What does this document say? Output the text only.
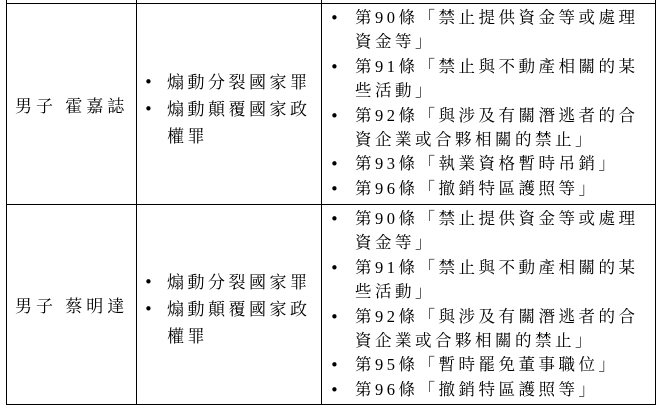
男子 霍嘉誌
• 煽動分裂國家罪
• 煽動顛覆國家政權罪
• 第90條「禁止提供資金等或處理資金等」
• 第91條「禁止與不動產相關的某些活動」
• 第92條「與涉及有關潛逃者的合資企業或合夥相關的禁止」
• 第93條「執業資格暫時吊銷」
• 第96條「撤銷特區護照等」
男子 蔡明達
• 煽動分裂國家罪
• 煽動顛覆國家政權罪
• 第90條「禁止提供資金等或處理資金等」
• 第91條「禁止與不動產相關的某些活動」
• 第92條「與涉及有關潛逃者的合資企業或合夥相關的禁止」
• 第95條「暫時罷免董事職位」
• 第96條「撤銷特區護照等」
